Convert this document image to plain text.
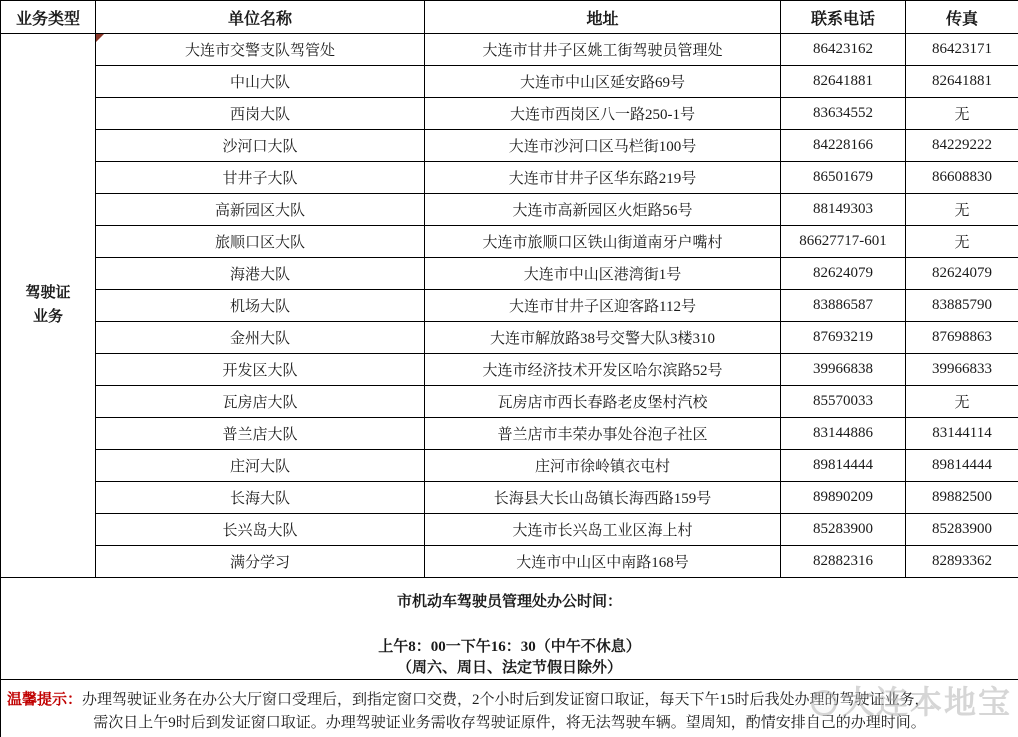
业务类型	单位名称	地址	联系电话	传真

驾驶证
业务	大连市交警支队驾管处	大连市甘井子区姚工街驾驶员管理处	86423162	86423171
	中山大队	大连市中山区延安路69号	82641881	82641881
	西岗大队	大连市西岗区八一路250-1号	83634552	无
	沙河口大队	大连市沙河口区马栏街100号	84228166	84229222
	甘井子大队	大连市甘井子区华东路219号	86501679	86608830
	高新园区大队	大连市高新园区火炬路56号	88149303	无
	旅顺口区大队	大连市旅顺口区铁山街道南牙户嘴村	86627717-601	无
	海港大队	大连市中山区港湾街1号	82624079	82624079
	机场大队	大连市甘井子区迎客路112号	83886587	83885790
	金州大队	大连市解放路38号交警大队3楼310	87693219	87698863
	开发区大队	大连市经济技术开发区哈尔滨路52号	39966838	39966833
	瓦房店大队	瓦房店市西长春路老皮堡村汽校	85570033	无
	普兰店大队	普兰店市丰荣办事处谷泡子社区	83144886	83144114
	庄河大队	庄河市徐岭镇衣屯村	89814444	89814444
	长海大队	长海县大长山岛镇长海西路159号	89890209	89882500
	长兴岛大队	大连市长兴岛工业区海上村	85283900	85283900
	满分学习	大连市中山区中南路168号	82882316	82893362

市机动车驾驶员管理处办公时间：
上午8：00一下午16：30（中午不休息）
（周六、周日、法定节假日除外）				

温馨提示：办理驾驶证业务在办公大厅窗口受理后，到指定窗口交费，2个小时后到发证窗口取证，每天下午15时后我处办理的驾驶证业务，
需次日上午9时后到发证窗口取证。办理驾驶证业务需收存驾驶证原件，将无法驾驶车辆。望周知，酌情安排自己的办理时间。
大连本地宝				
